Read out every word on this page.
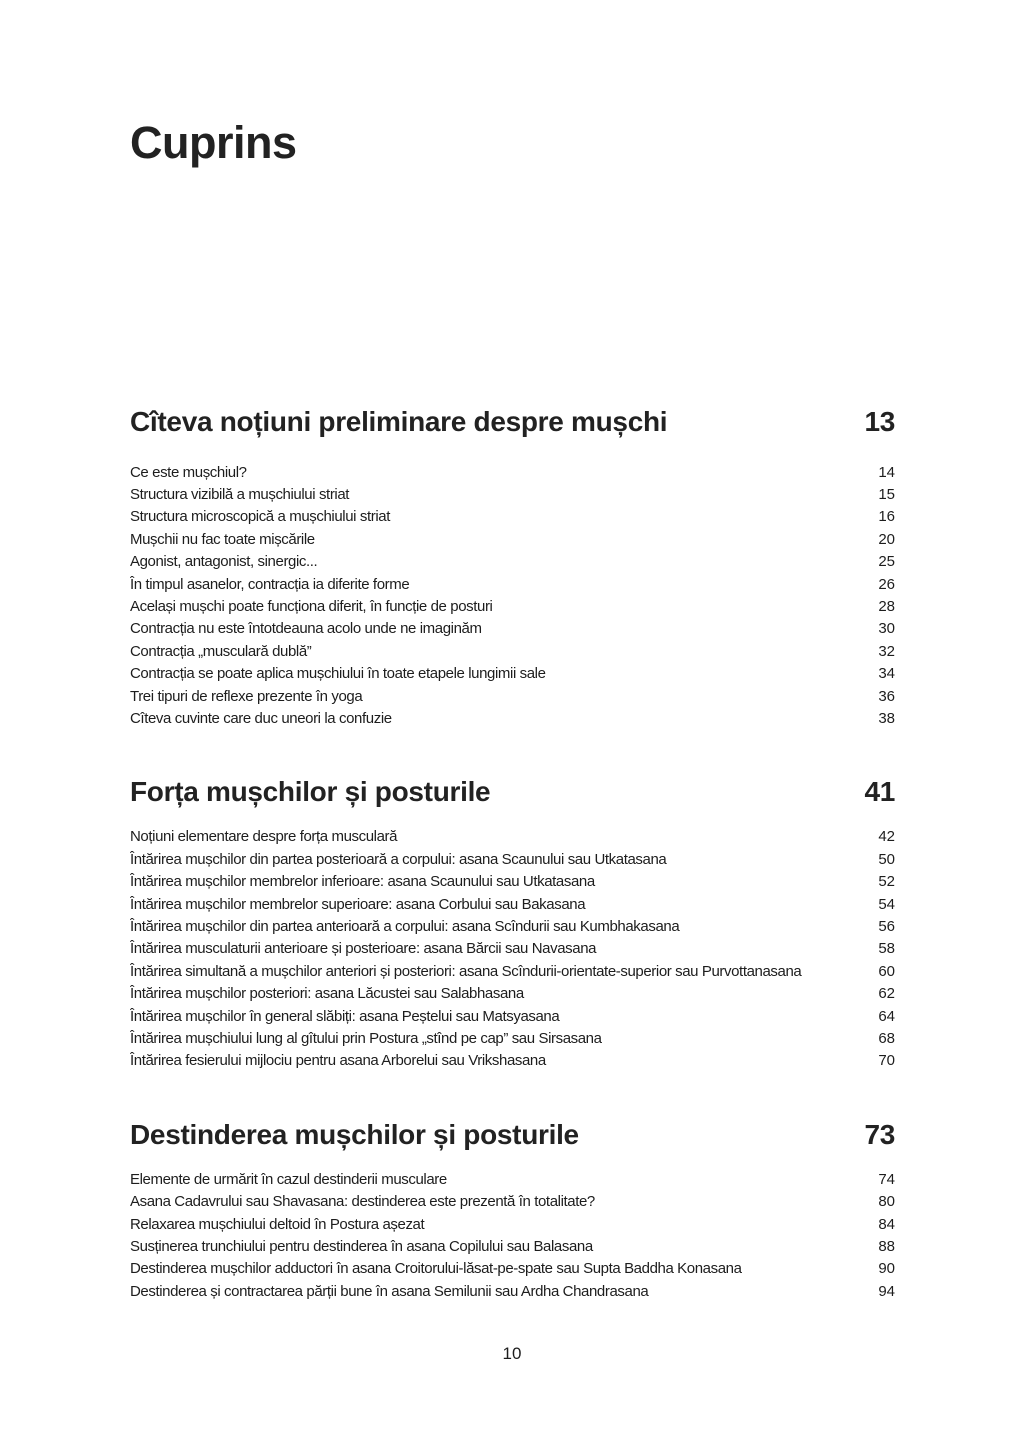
Cuprins
Cîteva noțiuni preliminare despre mușchi	13
Ce este mușchiul?	14
Structura vizibilă a mușchiului striat	15
Structura microscopică a mușchiului striat	16
Mușchii nu fac toate mișcările	20
Agonist, antagonist, sinergic...	25
În timpul asanelor, contracția ia diferite forme	26
Același mușchi poate funcționa diferit, în funcție de posturi	28
Contracția nu este întotdeauna acolo unde ne imaginăm	30
Contracția „musculară dublă”	32
Contracția se poate aplica mușchiului în toate etapele lungimii sale	34
Trei tipuri de reflexe prezente în yoga	36
Cîteva cuvinte care duc uneori la confuzie	38
Forța mușchilor și posturile	41
Noțiuni elementare despre forța musculară	42
Întărirea mușchilor din partea posterioară a corpului: asana Scaunului sau Utkatasana	50
Întărirea mușchilor membrelor inferioare: asana Scaunului sau Utkatasana	52
Întărirea mușchilor membrelor superioare: asana Corbului sau Bakasana	54
Întărirea mușchilor din partea anterioară a corpului: asana Scîndurii sau Kumbhakasana	56
Întărirea musculaturii anterioare și posterioare: asana Bărcii sau Navasana	58
Întărirea simultană a mușchilor anteriori și posteriori: asana Scîndurii-orientate-superior sau Purvottanasana	60
Întărirea mușchilor posteriori: asana Lăcustei sau Salabhasana	62
Întărirea mușchilor în general slăbiți: asana Peștelui sau Matsyasana	64
Întărirea mușchiului lung al gîtului prin Postura „stînd pe cap” sau Sirsasana	68
Întărirea fesierului mijlociu pentru asana Arborelui sau Vrikshasana	70
Destinderea mușchilor și posturile	73
Elemente de urmărit în cazul destinderii musculare	74
Asana Cadavrului sau Shavasana: destinderea este prezentă în totalitate?	80
Relaxarea mușchiului deltoid în Postura așezat	84
Susținerea trunchiului pentru destinderea în asana Copilului sau Balasana	88
Destinderea mușchilor adductori în asana Croitorului-lăsat-pe-spate sau Supta Baddha Konasana	90
Destinderea și contractarea părții bune în asana Semilunii sau Ardha Chandrasana	94
10
